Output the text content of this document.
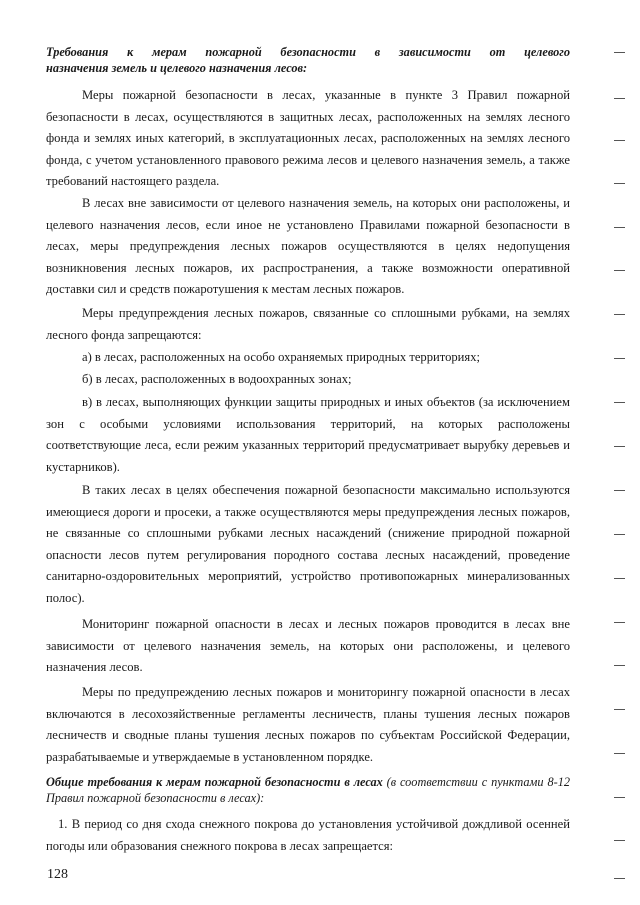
Требования к мерам пожарной безопасности в зависимости от целевого
назначения земель и целевого назначения лесов:

Меры пожарной безопасности в лесах, указанные в пункте 3 Правил пожарной безопасности в лесах, осуществляются в защитных лесах, расположенных на землях лесного фонда и землях иных категорий, в эксплуатационных лесах, расположенных на землях лесного фонда, с учетом установленного правового режима лесов и целевого назначения земель, а также требований настоящего раздела.

В лесах вне зависимости от целевого назначения земель, на которых они расположены, и целевого назначения лесов, если иное не установлено Правилами пожарной безопасности в лесах, меры предупреждения лесных пожаров осуществляются в целях недопущения возникновения лесных пожаров, их распространения, а также возможности оперативной доставки сил и средств пожаротушения к местам лесных пожаров.

Меры предупреждения лесных пожаров, связанные со сплошными рубками, на землях лесного фонда запрещаются:

а) в лесах, расположенных на особо охраняемых природных территориях;

б) в лесах, расположенных в водоохранных зонах;

в) в лесах, выполняющих функции защиты природных и иных объектов (за исключением зон с особыми условиями использования территорий, на которых расположены соответствующие леса, если режим указанных территорий предусматривает вырубку деревьев и кустарников).

В таких лесах в целях обеспечения пожарной безопасности максимально используются имеющиеся дороги и просеки, а также осуществляются меры предупреждения лесных пожаров, не связанные со сплошными рубками лесных насаждений (снижение природной пожарной опасности лесов путем регулирования породного состава лесных насаждений, проведение санитарно-оздоровительных мероприятий, устройство противопожарных минерализованных полос).

Мониторинг пожарной опасности в лесах и лесных пожаров проводится в лесах вне зависимости от целевого назначения земель, на которых они расположены, и целевого назначения лесов.

Меры по предупреждению лесных пожаров и мониторингу пожарной опасности в лесах включаются в лесохозяйственные регламенты лесничеств, планы тушения лесных пожаров лесничеств и сводные планы тушения лесных пожаров по субъектам Российской Федерации, разрабатываемые и утверждаемые в установленном порядке.

Общие требования к мерам пожарной безопасности в лесах (в соответствии с пунктами 8-12 Правил пожарной безопасности в лесах):

1. В период со дня схода снежного покрова до установления устойчивой дождливой осенней погоды или образования снежного покрова в лесах запрещается:

128
